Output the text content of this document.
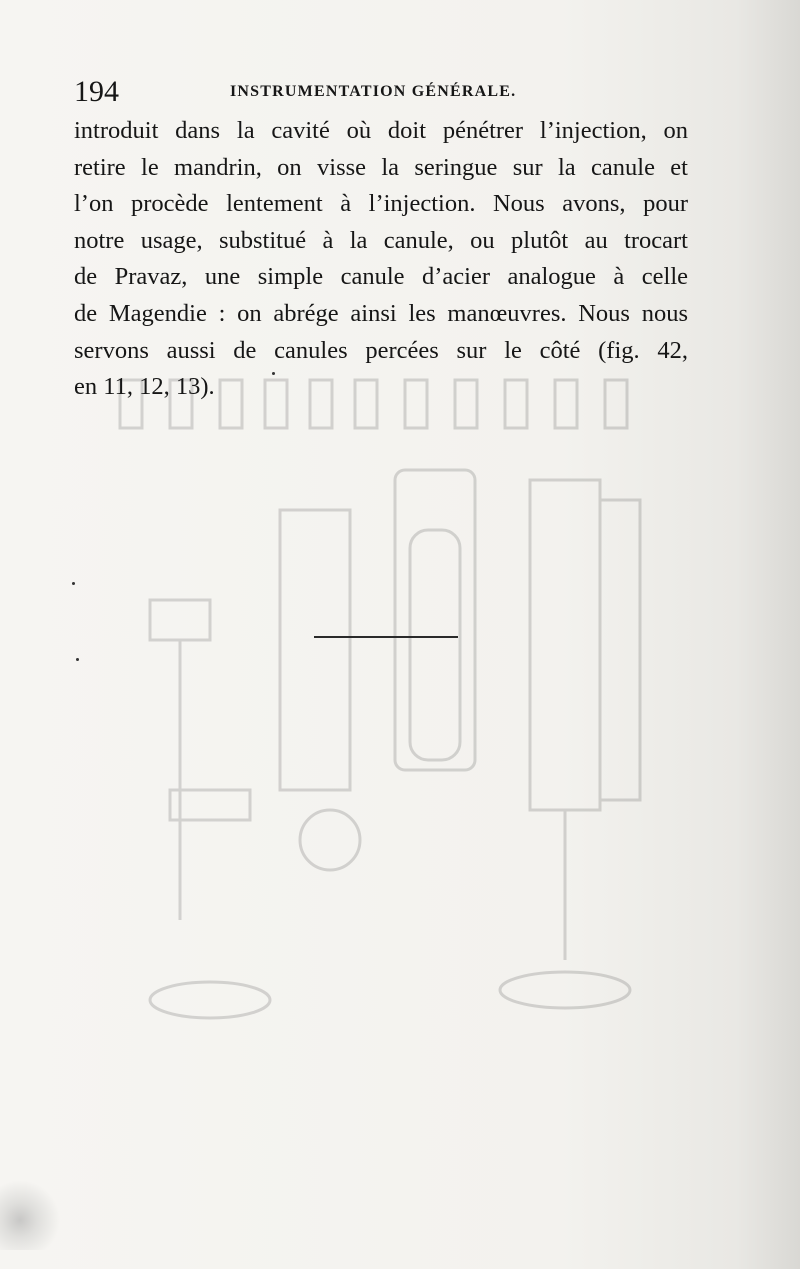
194	INSTRUMENTATION GÉNÉRALE.

introduit dans la cavité où doit pénétrer l’injection, on
retire le mandrin, on visse la seringue sur la canule et
l’on procède lentement à l’injection. Nous avons, pour
notre usage, substitué à la canule, ou plutôt au trocart
de Pravaz, une simple canule d’acier analogue à celle
de Magendie : on abrége ainsi les manœuvres. Nous nous
servons aussi de canules percées sur le côté (fig. 42,
en 11, 12, 13).
